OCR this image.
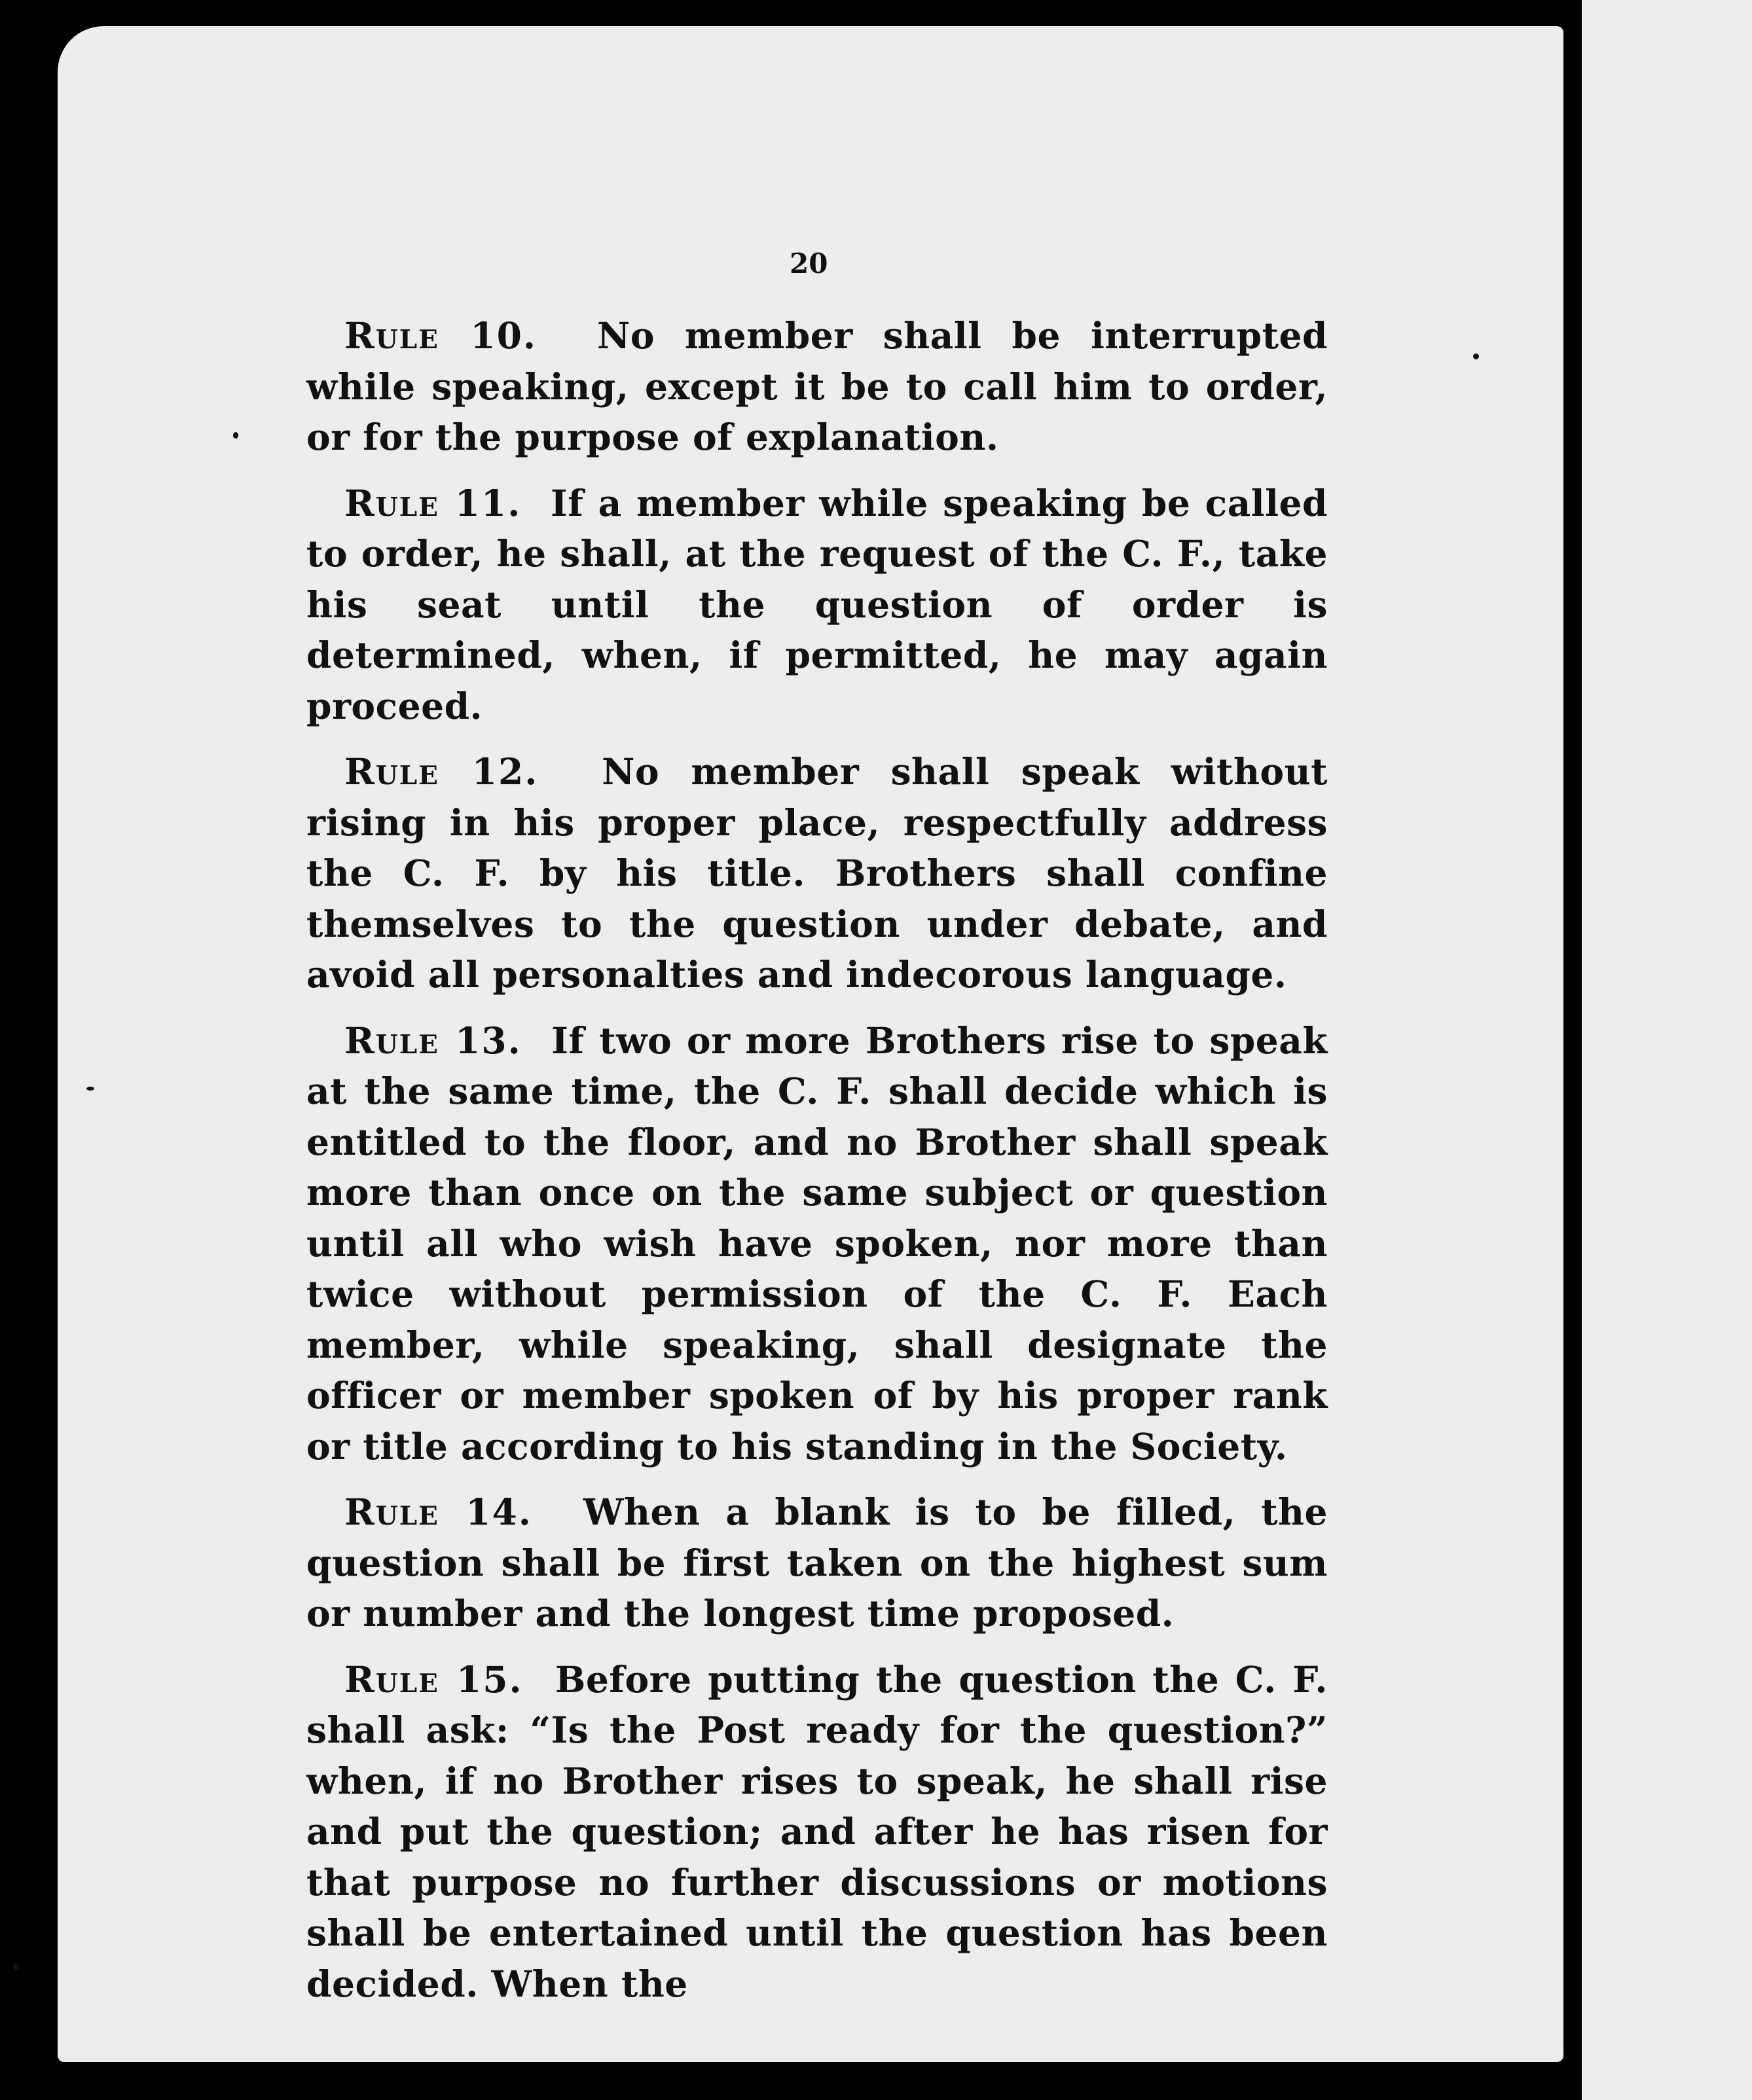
20

Rule 10. No member shall be interrupted while speaking, except it be to call him to order, or for the purpose of explanation.

Rule 11. If a member while speaking be called to order, he shall, at the request of the C. F., take his seat until the question of order is determined, when, if permitted, he may again proceed.

Rule 12. No member shall speak without rising in his proper place, respectfully address the C. F. by his title. Brothers shall confine themselves to the question under debate, and avoid all personalties and indecorous language.

Rule 13. If two or more Brothers rise to speak at the same time, the C. F. shall decide which is entitled to the floor, and no Brother shall speak more than once on the same subject or question until all who wish have spoken, nor more than twice without permission of the C. F. Each member, while speaking, shall designate the officer or member spoken of by his proper rank or title according to his standing in the Society.

Rule 14. When a blank is to be filled, the question shall be first taken on the highest sum or number and the longest time proposed.

Rule 15. Before putting the question the C. F. shall ask: “Is the Post ready for the question?” when, if no Brother rises to speak, he shall rise and put the question; and after he has risen for that purpose no further discussions or motions shall be entertained until the question has been decided. When the
